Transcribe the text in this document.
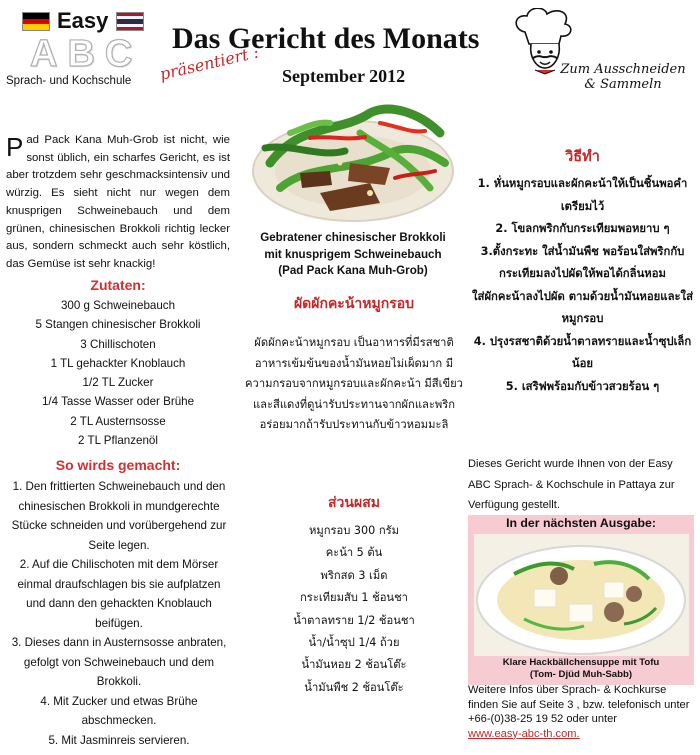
Easy
ABC
Sprach- und Kochschule
Das Gericht des Monats
präsentiert : September 2012	Zum Ausschneiden
& Sammeln
Pad Pack Kana Muh-Grob ist nicht, wie sonst üblich, ein scharfes Gericht, es ist aber trotzdem sehr geschmacksintensiv und würzig. Es sieht nicht nur wegen dem knusprigen Schweinebauch und dem grünen, chinesischen Brokkoli richtig lecker aus, sondern schmeckt auch sehr köstlich, das Gemüse ist sehr knackig!
Zutaten:
300 g Schweinebauch
5 Stangen chinesischer Brokkoli
3 Chillischoten
1 TL gehackter Knoblauch
1/2 TL Zucker
1/4 Tasse Wasser oder Brühe
2 TL Austernsosse
2 TL Pflanzenöl
So wirds gemacht:
1. Den frittierten Schweinebauch und den chinesischen Brokkoli in mundgerechte Stücke schneiden und vorübergehend zur Seite legen.
2. Auf die Chilischoten mit dem Mörser einmal draufschlagen bis sie aufplatzen und dann den gehackten Knoblauch beifügen.
3. Dieses dann in Austernsosse anbraten, gefolgt von Schweinebauch und dem Brokkoli.
4. Mit Zucker und etwas Brühe abschmecken.
5. Mit Jasminreis servieren.
Gebratener chinesischer Brokkoli
mit knusprigem Schweinebauch
(Pad Pack Kana Muh-Grob)
ผัดผักคะน้าหมูกรอบ
ผัดผักคะน้าหมูกรอบ เป็นอาหารที่มีรสชาติอาหารเข้มข้นของน้ำมันหอยไม่เผ็ดมาก มีความกรอบจากหมูกรอบและผักคะน้า มีสีเขียวและสีแดงที่ดูน่ารับประทานจากผักและพริก อร่อยมากถ้ารับประทานกับข้าวหอมมะลิ
ส่วนผสม
หมูกรอบ 300 กรัม
คะน้า 5 ต้น
พริกสด 3 เม็ด
กระเทียมสับ 1 ช้อนชา
น้ำตาลทราย 1/2 ช้อนชา
น้ำ/น้ำซุป 1/4 ถ้วย
น้ำมันหอย 2 ช้อนโต๊ะ
น้ำมันพืช 2 ช้อนโต๊ะ
วิธีทำ
1. หั่นหมูกรอบและผักคะน้าให้เป็นชิ้นพอคำเตรียมไว้
2. โขลกพริกกับกระเทียมพอหยาบ ๆ
3.ตั้งกระทะ ใส่น้ำมันพืช พอร้อนใส่พริกกับกระเทียมลงไปผัดให้พอได้กลิ่นหอม
ใส่ผักคะน้าลงไปผัด ตามด้วยน้ำมันหอยและใส่หมูกรอบ
4. ปรุงรสชาติด้วยน้ำตาลทรายและน้ำซุปเล็กน้อย
5. เสริฟพร้อมกับข้าวสวยร้อน ๆ
Dieses Gericht wurde Ihnen von der Easy ABC Sprach- & Kochschule in Pattaya zur Verfügung gestellt.
In der nächsten Ausgabe:
Klare Hackbällchensuppe mit Tofu
(Tom- Djüd Muh-Sabb)
Weitere Infos über Sprach- & Kochkurse finden Sie auf Seite 3 , bzw. telefonisch unter +66-(0)38-25 19 52 oder unter
www.easy-abc-th.com.
